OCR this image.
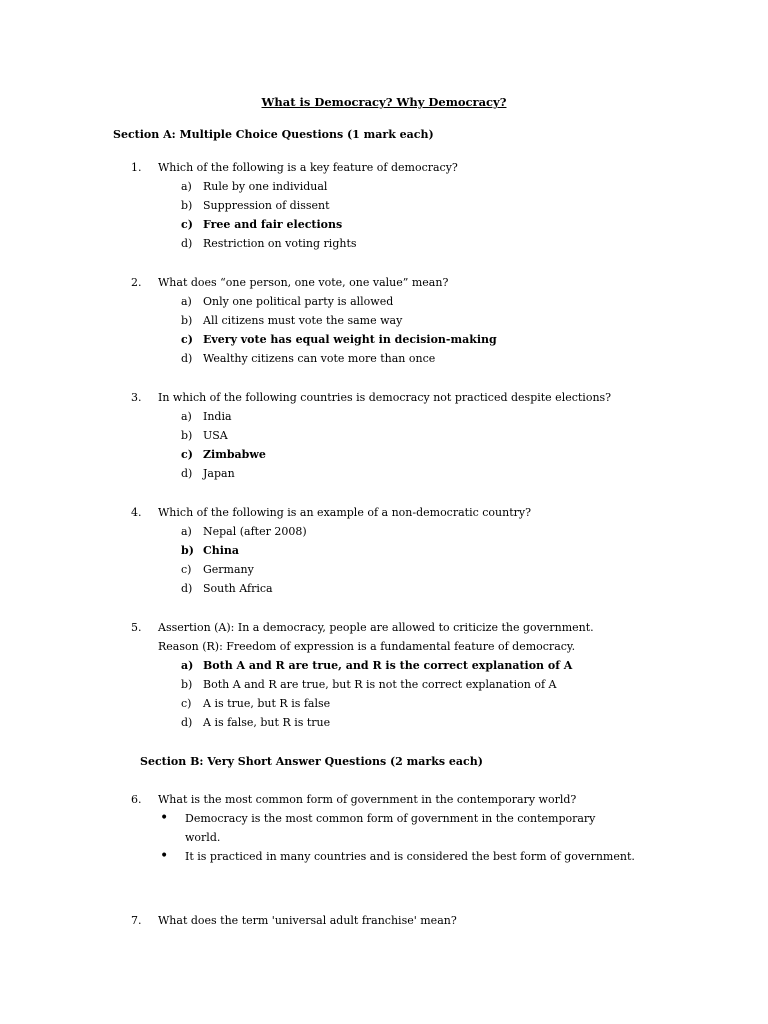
What is Democracy? Why Democracy?
Section A: Multiple Choice Questions (1 mark each)
1. Which of the following is a key feature of democracy?
a) Rule by one individual
b) Suppression of dissent
c) Free and fair elections
d) Restriction on voting rights
2. What does “one person, one vote, one value” mean?
a) Only one political party is allowed
b) All citizens must vote the same way
c) Every vote has equal weight in decision-making
d) Wealthy citizens can vote more than once
3. In which of the following countries is democracy not practiced despite elections?
a) India
b) USA
c) Zimbabwe
d) Japan
4. Which of the following is an example of a non-democratic country?
a) Nepal (after 2008)
b) China
c) Germany
d) South Africa
5. Assertion (A): In a democracy, people are allowed to criticize the government.
Reason (R): Freedom of expression is a fundamental feature of democracy.
a) Both A and R are true, and R is the correct explanation of A
b) Both A and R are true, but R is not the correct explanation of A
c) A is true, but R is false
d) A is false, but R is true
Section B: Very Short Answer Questions (2 marks each)
6. What is the most common form of government in the contemporary world?
•
Democracy is the most common form of government in the contemporary world.
•
It is practiced in many countries and is considered the best form of government.
7. What does the term 'universal adult franchise' mean?
